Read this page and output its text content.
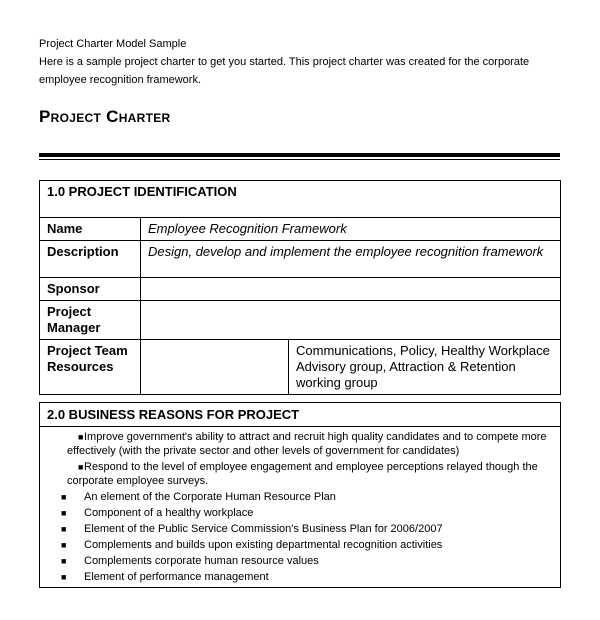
Project Charter Model Sample
Here is a sample project charter to get you started. This project charter was created for the corporate
employee recognition framework.
Project Charter
1.0 PROJECT IDENTIFICATION		
Name	Employee Recognition Framework	
Description	Design, develop and implement the employee recognition framework	
Sponsor		
Project Manager		
Project Team Resources		Communications, Policy, Healthy Workplace Advisory group, Attraction & Retention working group
2.0 BUSINESS REASONS FOR PROJECT

■ Improve government's ability to attract and recruit high quality candidates and to compete more effectively (with the private sector and other levels of government for candidates)
■ Respond to the level of employee engagement and employee perceptions relayed though the corporate employee surveys.
■ An element of the Corporate Human Resource Plan
■ Component of a healthy workplace
■ Element of the Public Service Commission's Business Plan for 2006/2007
■ Complements and builds upon existing departmental recognition activities
■ Complements corporate human resource values
■ Element of performance management
